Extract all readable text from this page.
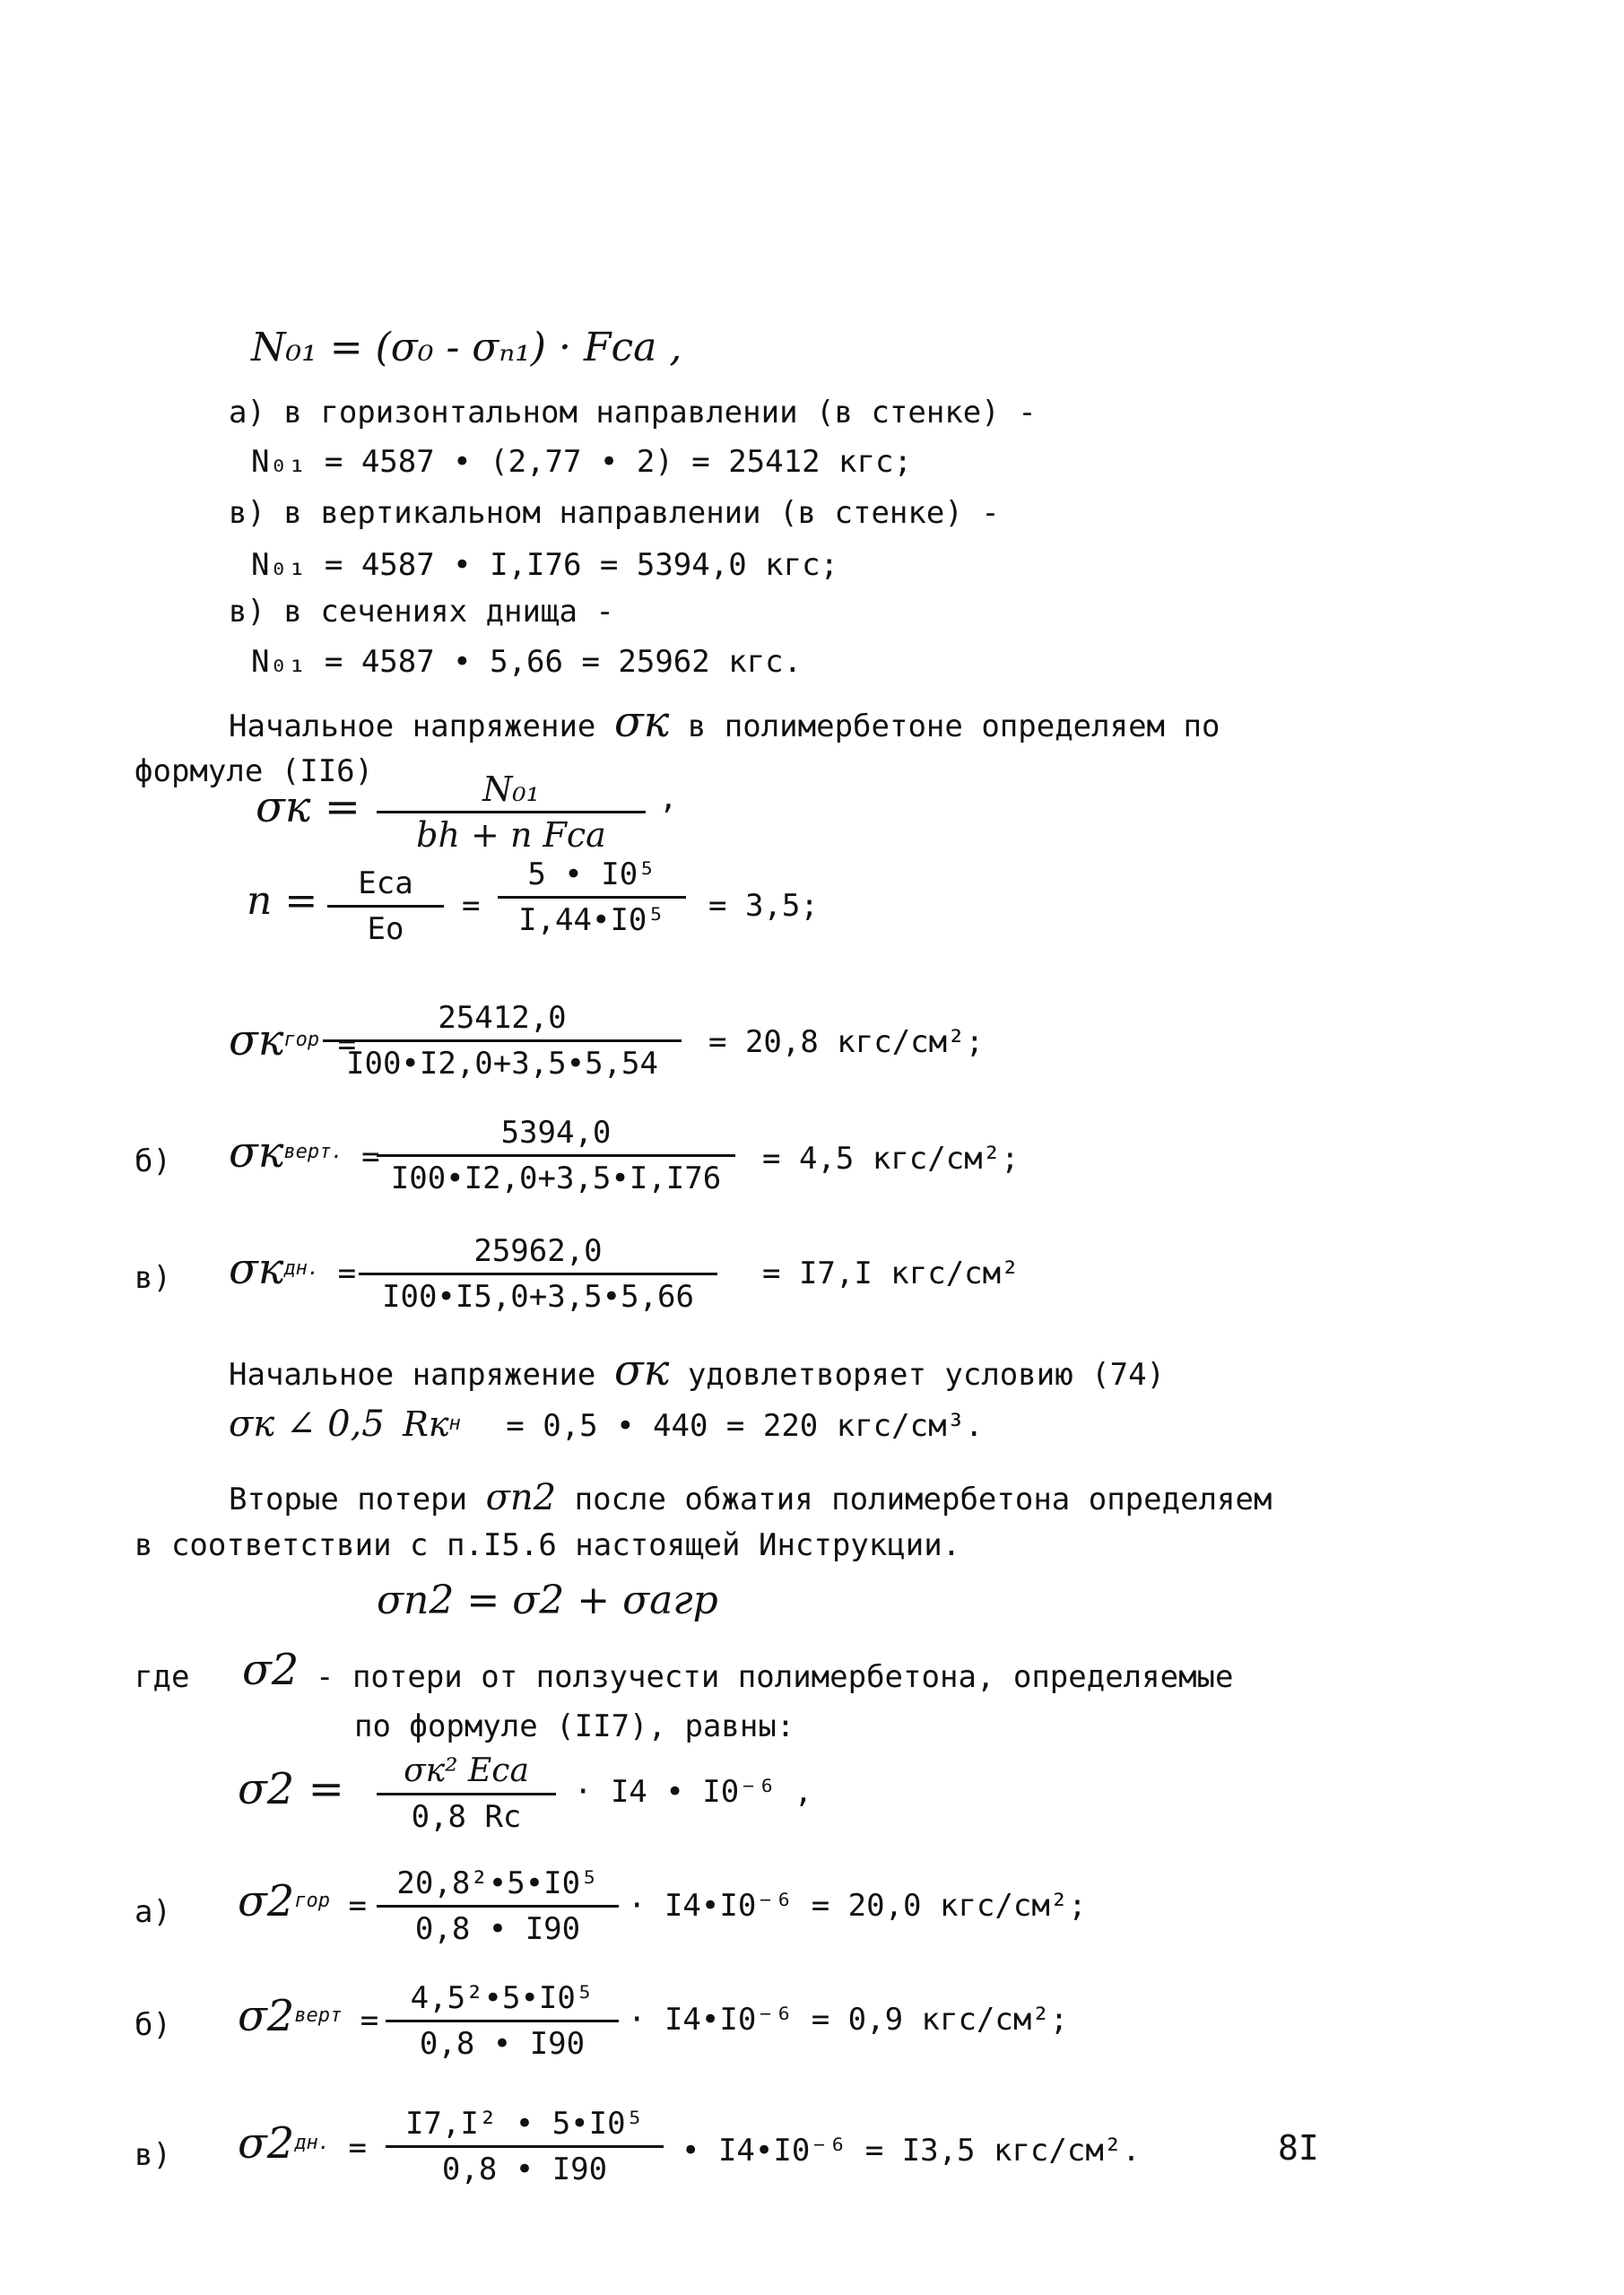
N₀₁ = (σ₀ - σₙ₁) · Fca ,
а) в горизонтальном направлении (в стенке) -
N₀₁ = 4587 • (2,77 • 2) = 25412 кгс;
в) в вертикальном направлении (в стенке) -
N₀₁ = 4587 • I,I76 = 5394,0 кгс;
в) в сечениях днища -
N₀₁ = 4587 • 5,66 = 25962 кгс.
Начальное напряжение σк в полимербетоне определяем по
формуле (II6)
σк =	N₀₁
bh + n Fca
,
n =	Eca
Eo
=
5 • I0⁵
I,44•I0⁵	= 3,5;
$\sigma к^{гор}$ =
25412,0
I00•I2,0+3,5•5,54
= 20,8 кгс/см²;
б) $\sigma к^{верт.}$ =
5394,0
I00•I2,0+3,5•I,I76
= 4,5 кгс/см²;
в) $\sigma к^{дн.}$ =
25962,0
I00•I5,0+3,5•5,66
= I7,I кгс/см²
Начальное напряжение σк удовлетворяет условию (74)
σк ∠ 0,5 $Rк^н = 0,5$ • 440 = 220 кгс/см³.
Вторые потери σп2 после обжатия полимербетона определяем
в соответствии с п.I5.6 настоящей Инструкции.
σп2 = σ2 + σагр
где σ2 - потери от ползучести полимербетона, определяемые
по формуле (II7), равны:
σ2 =	σк² Eca
0,8 Rc
· I4 • I0⁻⁶ ,
а) $\sigma 2^{гор}$ =
20,8²•5•I0⁵
0,8 • I90
· I4•I0⁻⁶ = 20,0 кгс/см²;
б) $\sigma 2^{верт}$ =
4,5²•5•I0⁵
0,8 • I90
· I4•I0⁻⁶ = 0,9 кгс/см²;
в) $\sigma 2^{дн.}$ =
I7,I² • 5•I0⁵
0,8 • I90
• I4•I0⁻⁶ = I3,5 кгс/см².	8I
